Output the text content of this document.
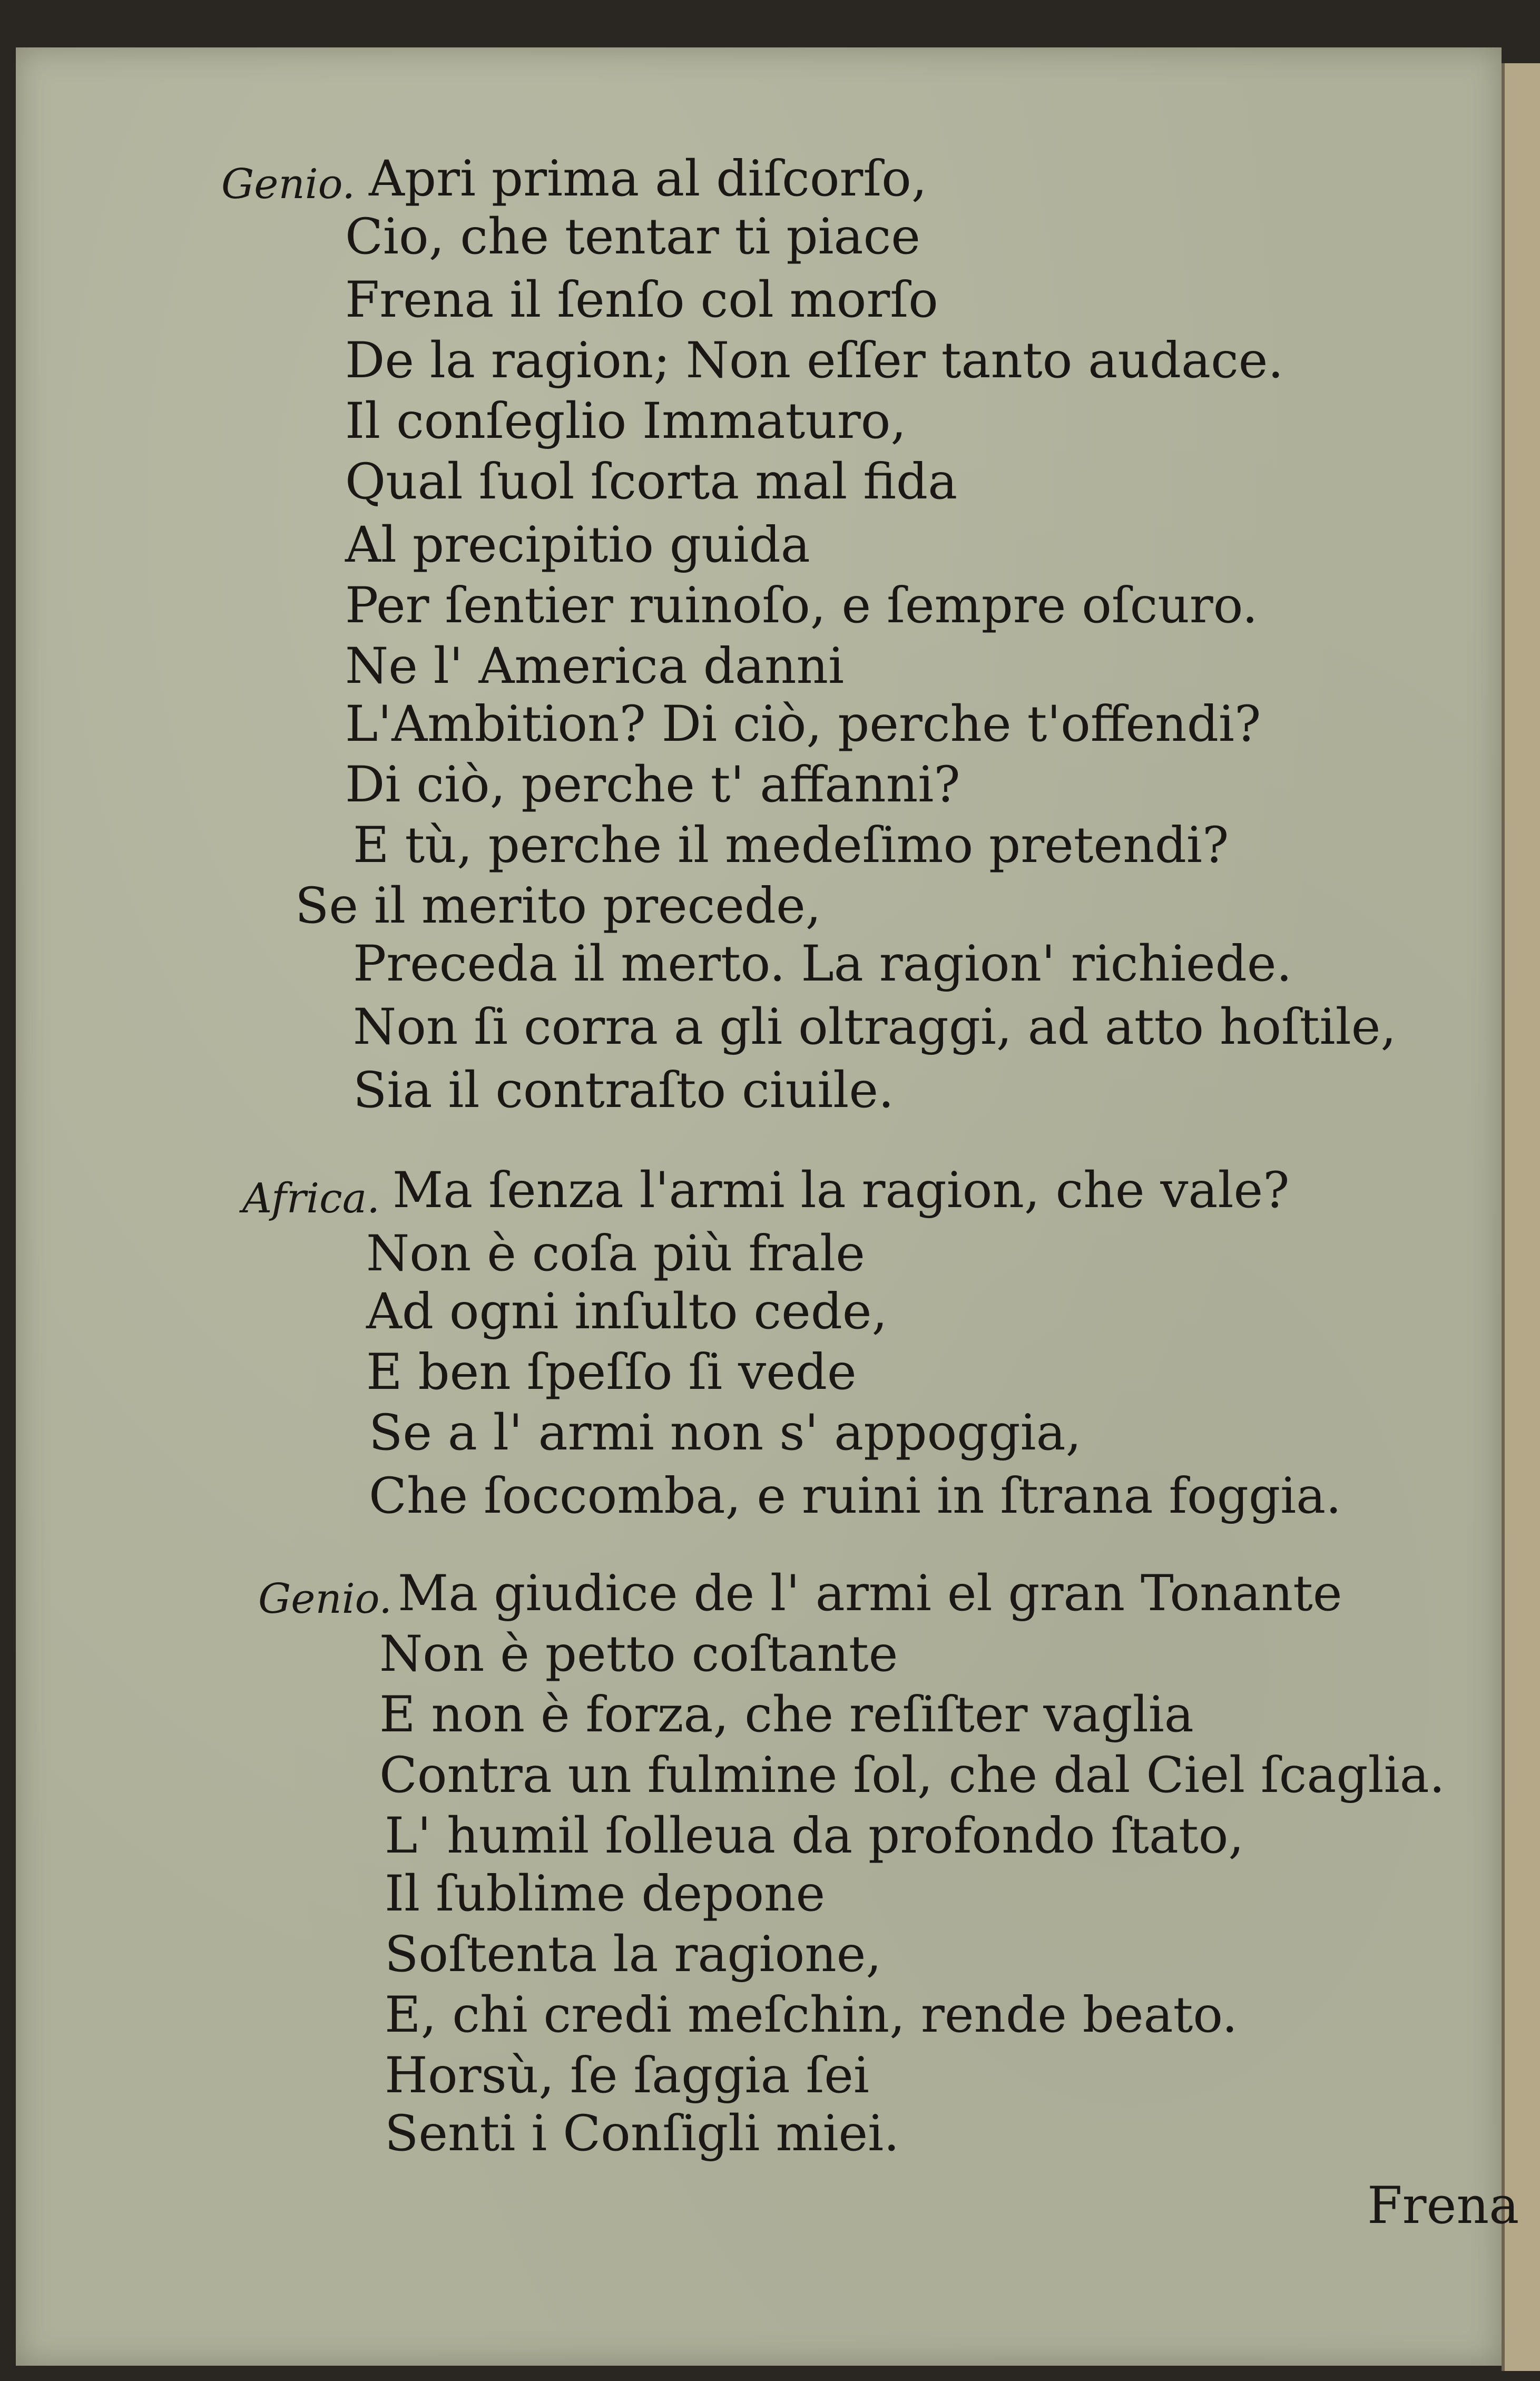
Genio. Apri prima al diſcorſo,
Cio, che tentar ti piace
Frena il ſenſo col morſo
De la ragion; Non eſſer tanto audace.
Il conſeglio Immaturo,
Qual ſuol ſcorta mal fida
Al precipitio guida
Per ſentier ruinoſo, e ſempre oſcuro.
Ne l' America danni
L'Ambition? Di ciò, perche t'offendi?
Di ciò, perche t' affanni?
E tù, perche il medeſimo pretendi?
Se il merito precede,
Preceda il merto. La ragion' richiede.
Non ſi corra a gli oltraggi, ad atto hoſtile,
Sia il contraſto ciuile.
Africa. Ma ſenza l'armi la ragion, che vale?
Non è coſa più frale
Ad ogni inſulto cede,
E ben ſpeſſo ſi vede
Se a l' armi non s' appoggia,
Che ſoccomba, e ruini in ſtrana foggia.
Genio. Ma giudice de l' armi el gran Tonante
Non è petto coſtante
E non è forza, che reſiſter vaglia
Contra un fulmine ſol, che dal Ciel ſcaglia.
L' humil ſolleua da profondo ſtato,
Il ſublime depone
Soſtenta la ragione,
E, chi credi meſchin, rende beato.
Horsù, ſe ſaggia ſei
Senti i Conſigli miei.
Frena
